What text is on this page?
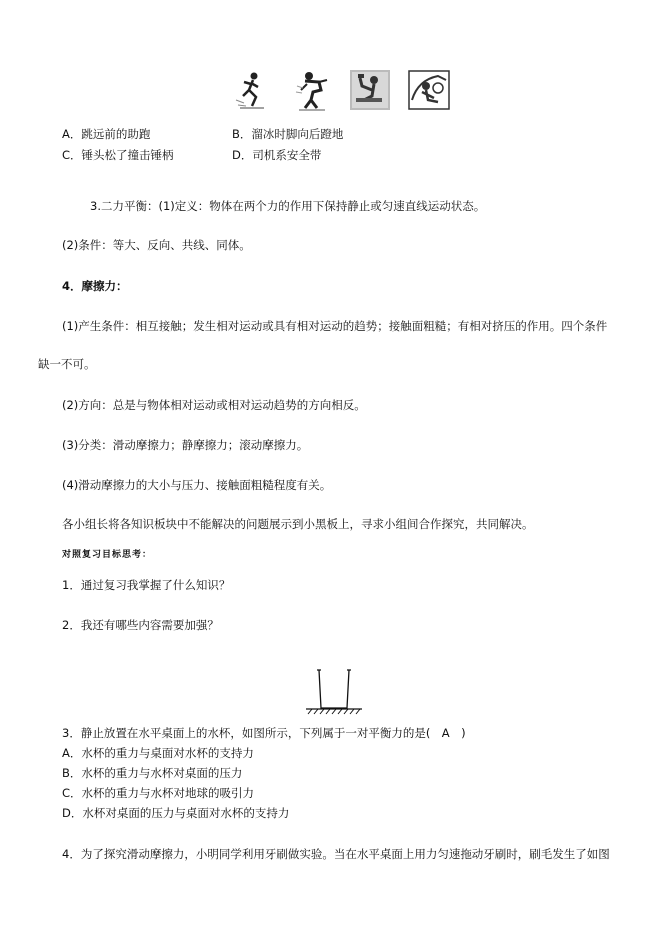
A．跳远前的助跑	B．溜冰时脚向后蹬地
C．锤头松了撞击锤柄	D．司机系安全带
3.二力平衡：(1)定义：物体在两个力的作用下保持静止或匀速直线运动状态。
(2)条件：等大、反向、共线、同体。
4．摩擦力：
(1)产生条件：相互接触；发生相对运动或具有相对运动的趋势；接触面粗糙；有相对挤压的作用。四个条件
缺一不可。
(2)方向：总是与物体相对运动或相对运动趋势的方向相反。
(3)分类：滑动摩擦力；静摩擦力；滚动摩擦力。
(4)滑动摩擦力的大小与压力、接触面粗糙程度有关。
各小组长将各知识板块中不能解决的问题展示到小黑板上，寻求小组间合作探究，共同解决。
对照复习目标思考：
1．通过复习我掌握了什么知识？
2．我还有哪些内容需要加强？
3．静止放置在水平桌面上的水杯，如图所示，下列属于一对平衡力的是(　A　)
A．水杯的重力与桌面对水杯的支持力
B．水杯的重力与水杯对桌面的压力
C．水杯的重力与水杯对地球的吸引力
D．水杯对桌面的压力与桌面对水杯的支持力
4．为了探究滑动摩擦力，小明同学利用牙刷做实验。当在水平桌面上用力匀速拖动牙刷时，刷毛发生了如图
